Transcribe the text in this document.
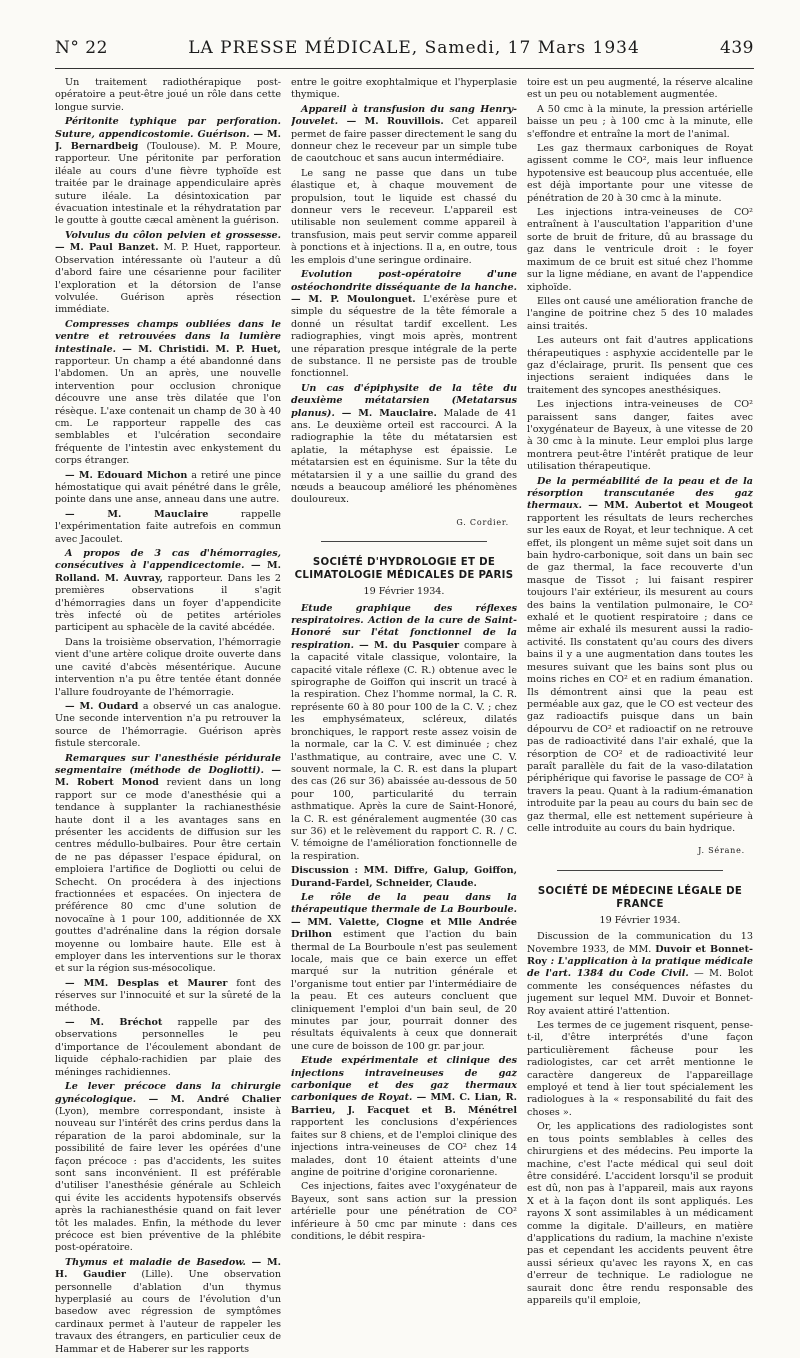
N° 22	LA PRESSE MÉDICALE, Samedi, 17 Mars 1934	439

Un traitement radiothérapique post-opératoire a peut-être joué un rôle dans cette longue survie.

Péritonite typhique par perforation. Suture, appendicostomie. Guérison. — M. J. Bernardbeig (Toulouse). M. P. Moure, rapporteur. Une péritonite par perforation iléale au cours d'une fièvre typhoïde est traitée par le drainage appendiculaire après suture iléale. La désintoxication par évacuation intestinale et la réhydratation par le goutte à goutte cæcal amènent la guérison.

Volvulus du côlon pelvien et grossesse. — M. Paul Banzet. M. P. Huet, rapporteur. Observation intéressante où l'auteur a dû d'abord faire une césarienne pour faciliter l'exploration et la détorsion de l'anse volvulée. Guérison après résection immédiate.

Compresses champs oubliées dans le ventre et retrouvées dans la lumière intestinale. — M. Christidi. M. P. Huet, rapporteur. Un champ a été abandonné dans l'abdomen. Un an après, une nouvelle intervention pour occlusion chronique découvre une anse très dilatée que l'on résèque. L'axe contenait un champ de 30 à 40 cm. Le rapporteur rappelle des cas semblables et l'ulcération secondaire fréquente de l'intestin avec enkystement du corps étranger.

— M. Edouard Michon a retiré une pince hémostatique qui avait pénétré dans le grêle, pointe dans une anse, anneau dans une autre.

— M. Mauclaire rappelle l'expérimentation faite autrefois en commun avec Jacoulet.

A propos de 3 cas d'hémorragies, consécutives à l'appendicectomie. — M. Rolland. M. Auvray, rapporteur. Dans les 2 premières observations il s'agit d'hémorragies dans un foyer d'appendicite très infecté où de petites artérioles participent au sphacèle de la cavité abcédée.

Dans la troisième observation, l'hémorragie vient d'une artère colique droite ouverte dans une cavité d'abcès mésentérique. Aucune intervention n'a pu être tentée étant donnée l'allure foudroyante de l'hémorragie.

— M. Oudard a observé un cas analogue. Une seconde intervention n'a pu retrouver la source de l'hémorragie. Guérison après fistule stercorale.

Remarques sur l'anesthésie péridurale segmentaire (méthode de Dogliotti). — M. Robert Monod revient dans un long rapport sur ce mode d'anesthésie qui a tendance à supplanter la rachianesthésie haute dont il a les avantages sans en présenter les accidents de diffusion sur les centres médullo-bulbaires. Pour être certain de ne pas dépasser l'espace épidural, on emploiera l'artifice de Dogliotti ou celui de Schecht. On procédera à des injections fractionnées et espacées. On injectera de préférence 80 cmc d'une solution de novocaïne à 1 pour 100, additionnée de XX gouttes d'adrénaline dans la région dorsale moyenne ou lombaire haute. Elle est à employer dans les interventions sur le thorax et sur la région sus-mésocolique.

— MM. Desplas et Maurer font des réserves sur l'innocuité et sur la sûreté de la méthode.

— M. Bréchot rappelle par des observations personnelles le peu d'importance de l'écoulement abondant de liquide céphalo-rachidien par plaie des méninges rachidiennes.

Le lever précoce dans la chirurgie gynécologique. — M. André Chalier (Lyon), membre correspondant, insiste à nouveau sur l'intérêt des crins perdus dans la réparation de la paroi abdominale, sur la possibilité de faire lever les opérées d'une façon précoce : pas d'accidents, les suites sont sans inconvénient. Il est préférable d'utiliser l'anesthésie générale au Schleich qui évite les accidents hypotensifs observés après la rachianesthésie quand on fait lever tôt les malades. Enfin, la méthode du lever précoce est bien préventive de la phlébite post-opératoire.

Thymus et maladie de Basedow. — M. H. Gaudier (Lille). Une observation personnelle d'ablation d'un thymus hyperplasié au cours de l'évolution d'un basedow avec régression de symptômes cardinaux permet à l'auteur de rappeler les travaux des étrangers, en particulier ceux de Hammar et de Haberer sur les rapports

entre le goitre exophtalmique et l'hyperplasie thymique.

Appareil à transfusion du sang Henry-Jouvelet. — M. Rouvillois. Cet appareil permet de faire passer directement le sang du donneur chez le receveur par un simple tube de caoutchouc et sans aucun intermédiaire.

Le sang ne passe que dans un tube élastique et, à chaque mouvement de propulsion, tout le liquide est chassé du donneur vers le receveur. L'appareil est utilisable non seulement comme appareil à transfusion, mais peut servir comme appareil à ponctions et à injections. Il a, en outre, tous les emplois d'une seringue ordinaire.

Evolution post-opératoire d'une ostéochondrite disséquante de la hanche. — M. P. Moulonguet. L'exérèse pure et simple du séquestre de la tête fémorale a donné un résultat tardif excellent. Les radiographies, vingt mois après, montrent une réparation presque intégrale de la perte de substance. Il ne persiste pas de trouble fonctionnel.

Un cas d'épiphysite de la tête du deuxième métatarsien (Metatarsus planus). — M. Mauclaire. Malade de 41 ans. Le deuxième orteil est raccourci. A la radiographie la tête du métatarsien est aplatie, la métaphyse est épaissie. Le métatarsien est en équinisme. Sur la tête du métatarsien il y a une saillie du grand des nœuds a beaucoup amélioré les phénomènes douloureux.

G. Cordier.

SOCIÉTÉ D'HYDROLOGIE ET DE CLIMATOLOGIE MÉDICALES DE PARIS

19 Février 1934.

Etude graphique des réflexes respiratoires. Action de la cure de Saint-Honoré sur l'état fonctionnel de la respiration. — M. du Pasquier compare à la capacité vitale classique, volontaire, la capacité vitale réflexe (C. R.) obtenue avec le spirographe de Goiffon qui inscrit un tracé à la respiration. Chez l'homme normal, la C. R. représente 60 à 80 pour 100 de la C. V. ; chez les emphysémateux, scléreux, dilatés bronchiques, le rapport reste assez voisin de la normale, car la C. V. est diminuée ; chez l'asthmatique, au contraire, avec une C. V. souvent normale, la C. R. est dans la plupart des cas (26 sur 36) abaissée au-dessous de 50 pour 100, particularité du terrain asthmatique. Après la cure de Saint-Honoré, la C. R. est généralement augmentée (30 cas sur 36) et le relèvement du rapport C. R. / C. V. témoigne de l'amélioration fonctionnelle de la respiration.

Discussion : MM. Diffre, Galup, Goiffon, Durand-Fardel, Schneider, Claude.

Le rôle de la peau dans la thérapeutique thermale de La Bourboule. — MM. Valette, Clogne et Mlle Andrée Drilhon estiment que l'action du bain thermal de La Bourboule n'est pas seulement locale, mais que ce bain exerce un effet marqué sur la nutrition générale et l'organisme tout entier par l'intermédiaire de la peau. Et ces auteurs concluent que cliniquement l'emploi d'un bain seul, de 20 minutes par jour, pourrait donner des résultats équivalents à ceux que donnerait une cure de boisson de 100 gr. par jour.

Etude expérimentale et clinique des injections intraveineuses de gaz carbonique et des gaz thermaux carboniques de Royat. — MM. C. Lian, R. Barrieu, J. Facquet et B. Ménétrel rapportent les conclusions d'expériences faites sur 8 chiens, et de l'emploi clinique des injections intra-veineuses de CO² chez 14 malades, dont 10 étaient atteints d'une angine de poitrine d'origine coronarienne.

Ces injections, faites avec l'oxygénateur de Bayeux, sont sans action sur la pression artérielle pour une pénétration de CO² inférieure à 50 cmc par minute : dans ces conditions, le débit respira-

toire est un peu augmenté, la réserve alcaline est un peu ou notablement augmentée.

A 50 cmc à la minute, la pression artérielle baisse un peu ; à 100 cmc à la minute, elle s'effondre et entraîne la mort de l'animal.

Les gaz thermaux carboniques de Royat agissent comme le CO², mais leur influence hypotensive est beaucoup plus accentuée, elle est déjà importante pour une vitesse de pénétration de 20 à 30 cmc à la minute.

Les injections intra-veineuses de CO² entraînent à l'auscultation l'apparition d'une sorte de bruit de friture, dû au brassage du gaz dans le ventricule droit : le foyer maximum de ce bruit est situé chez l'homme sur la ligne médiane, en avant de l'appendice xiphoïde.

Elles ont causé une amélioration franche de l'angine de poitrine chez 5 des 10 malades ainsi traités.

Les auteurs ont fait d'autres applications thérapeutiques : asphyxie accidentelle par le gaz d'éclairage, prurit. Ils pensent que ces injections seraient indiquées dans le traitement des syncopes anesthésiques.

Les injections intra-veineuses de CO² paraissent sans danger, faites avec l'oxygénateur de Bayeux, à une vitesse de 20 à 30 cmc à la minute. Leur emploi plus large montrera peut-être l'intérêt pratique de leur utilisation thérapeutique.

De la perméabilité de la peau et de la résorption transcutanée des gaz thermaux. — MM. Aubertot et Mougeot rapportent les résultats de leurs recherches sur les eaux de Royat, et leur technique. A cet effet, ils plongent un même sujet soit dans un bain hydro-carbonique, soit dans un bain sec de gaz thermal, la face recouverte d'un masque de Tissot ; lui faisant respirer toujours l'air extérieur, ils mesurent au cours des bains la ventilation pulmonaire, le CO² exhalé et le quotient respiratoire ; dans ce même air exhalé ils mesurent aussi la radio-activité. Ils constatent qu'au cours des divers bains il y a une augmentation dans toutes les mesures suivant que les bains sont plus ou moins riches en CO² et en radium émanation. Ils démontrent ainsi que la peau est perméable aux gaz, que le CO est vecteur des gaz radioactifs puisque dans un bain dépourvu de CO² et radioactif on ne retrouve pas de radioactivité dans l'air exhalé, que la résorption de CO² et de radioactivité leur paraît parallèle du fait de la vaso-dilatation périphérique qui favorise le passage de CO² à travers la peau. Quant à la radium-émanation introduite par la peau au cours du bain sec de gaz thermal, elle est nettement supérieure à celle introduite au cours du bain hydrique.

J. Sérane.

SOCIÉTÉ DE MÉDECINE LÉGALE DE FRANCE

19 Février 1934.

Discussion de la communication du 13 Novembre 1933, de MM. Duvoir et Bonnet-Roy : L'application à la pratique médicale de l'art. 1384 du Code Civil. — M. Bolot commente les conséquences néfastes du jugement sur lequel MM. Duvoir et Bonnet-Roy avaient attiré l'attention.

Les termes de ce jugement risquent, pense-t-il, d'être interprétés d'une façon particulièrement fâcheuse pour les radiologistes, car cet arrêt mentionne le caractère dangereux de l'appareillage employé et tend à lier tout spécialement les radiologues à la « responsabilité du fait des choses ».

Or, les applications des radiologistes sont en tous points semblables à celles des chirurgiens et des médecins. Peu importe la machine, c'est l'acte médical qui seul doit être considéré. L'accident lorsqu'il se produit est dû, non pas à l'appareil, mais aux rayons X et à la façon dont ils sont appliqués. Les rayons X sont assimilables à un médicament comme la digitale. D'ailleurs, en matière d'applications du radium, la machine n'existe pas et cependant les accidents peuvent être aussi sérieux qu'avec les rayons X, en cas d'erreur de technique. Le radiologue ne saurait donc être rendu responsable des appareils qu'il emploie,
